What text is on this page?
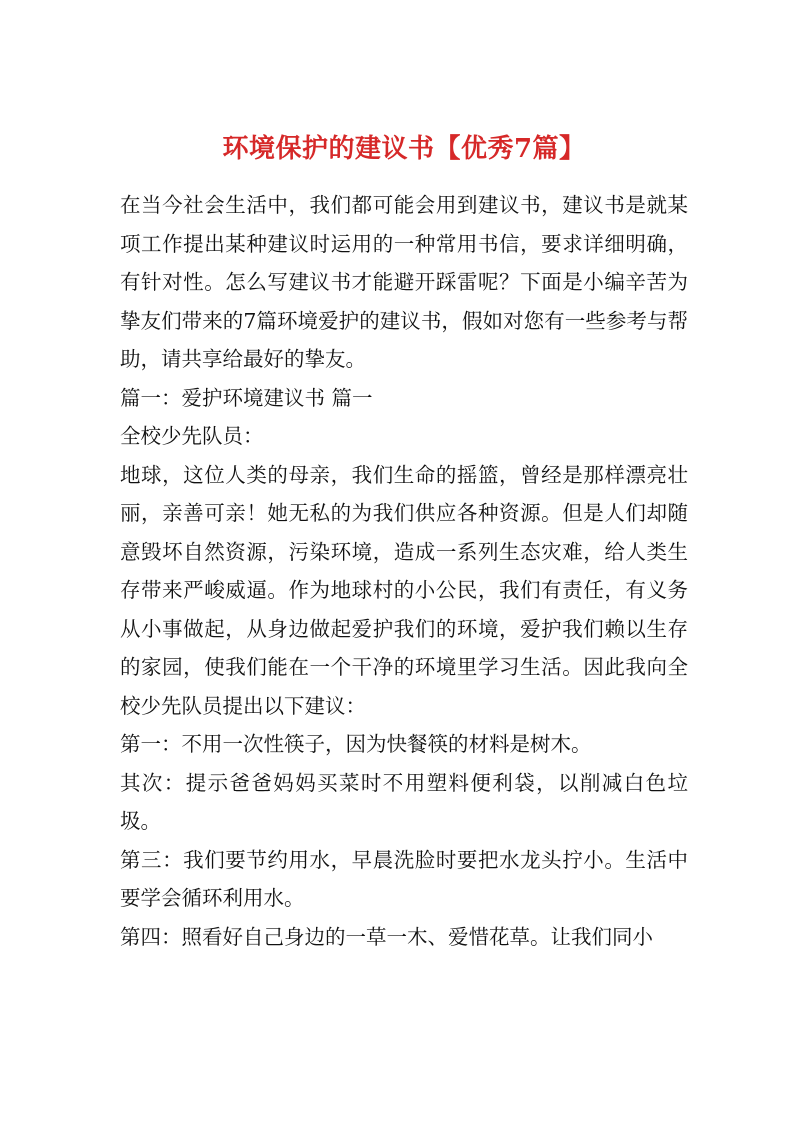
环境保护的建议书【优秀7篇】

在当今社会生活中，我们都可能会用到建议书，建议书是就某项工作提出某种建议时运用的一种常用书信，要求详细明确，有针对性。怎么写建议书才能避开踩雷呢？下面是小编辛苦为挚友们带来的7篇环境爱护的建议书，假如对您有一些参考与帮助，请共享给最好的挚友。

篇一：爱护环境建议书 篇一

全校少先队员：

地球，这位人类的母亲，我们生命的摇篮，曾经是那样漂亮壮丽，亲善可亲！她无私的为我们供应各种资源。但是人们却随意毁坏自然资源，污染环境，造成一系列生态灾难，给人类生存带来严峻威逼。作为地球村的小公民，我们有责任，有义务从小事做起，从身边做起爱护我们的环境，爱护我们赖以生存的家园，使我们能在一个干净的环境里学习生活。因此我向全校少先队员提出以下建议：

第一：不用一次性筷子，因为快餐筷的材料是树木。

其次：提示爸爸妈妈买菜时不用塑料便利袋，以削减白色垃圾。

第三：我们要节约用水，早晨洗脸时要把水龙头拧小。生活中要学会循环利用水。

第四：照看好自己身边的一草一木、爱惜花草。让我们同小
